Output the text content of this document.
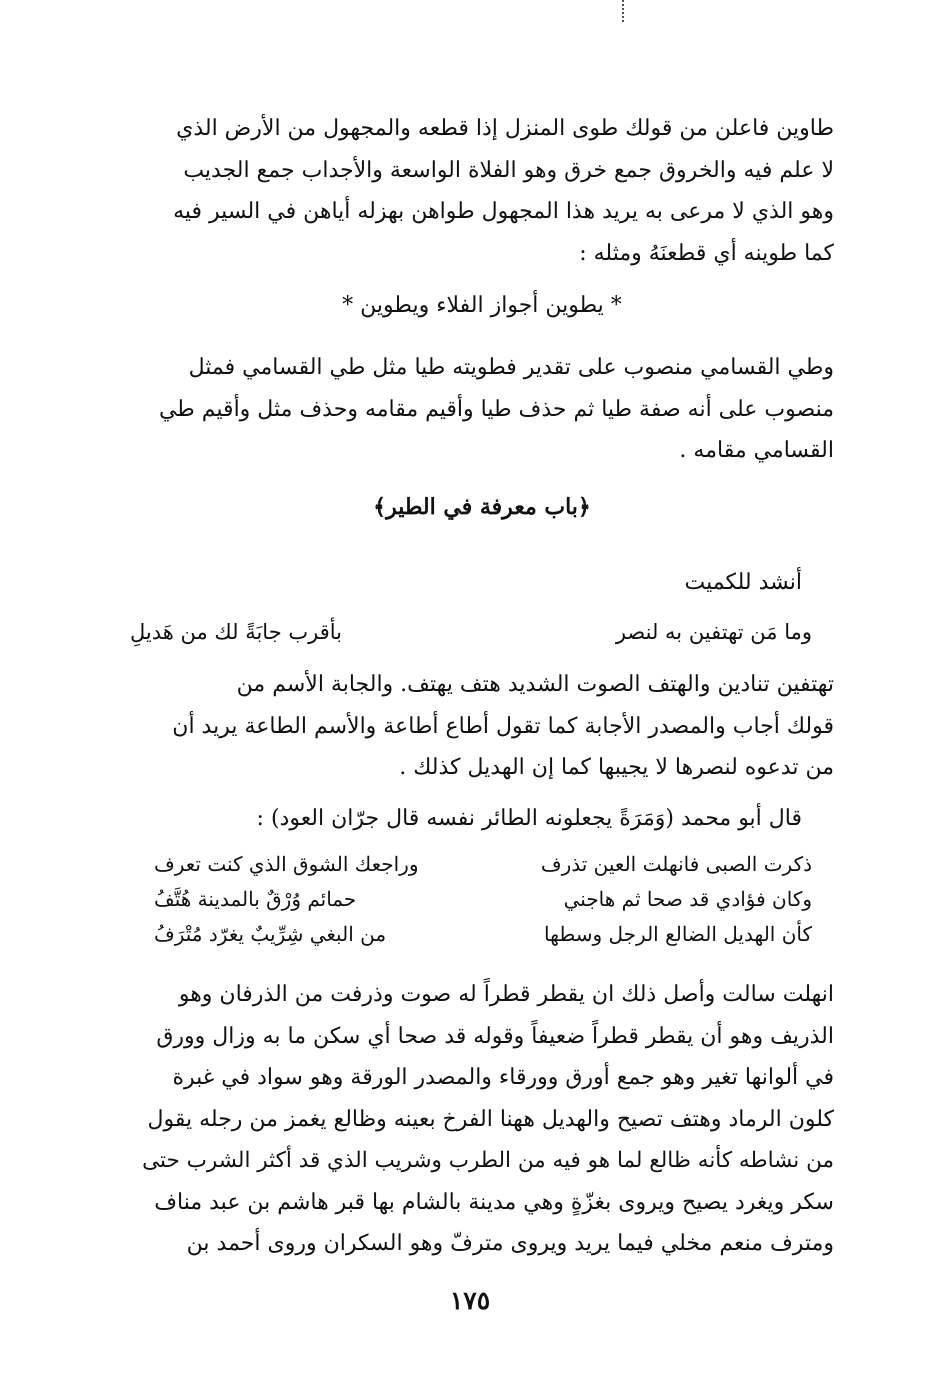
طاوين فاعلن من قولك طوى المنزل إذا قطعه والمجهول من الأرض الذي
لا علم فيه والخروق جمع خرق وهو الفلاة الواسعة والأجداب جمع الجديب
وهو الذي لا مرعى به يريد هذا المجهول طواهن بهزله أياهن في السير فيه
كما طوينه أي قطعنَهُ ومثله :
* يطوين أجواز الفلاء ويطوين *
وطي القسامي منصوب على تقدير فطويته طيا مثل طي القسامي فمثل
منصوب على أنه صفة طيا ثم حذف طيا وأقيم مقامه وحذف مثل وأقيم طي
القسامي مقامه .
﴿باب معرفة في الطير﴾
أنشد للكميت
وما مَن تهتفين به لنصر
بأقرب جابَةً لك من هَديلِ
تهتفين تنادين والهتف الصوت الشديد هتف يهتف. والجابة الأسم من
قولك أجاب والمصدر الأجابة كما تقول أطاع أطاعة والأسم الطاعة يريد أن
من تدعوه لنصرها لا يجيبها كما إن الهديل كذلك .
قال أبو محمد (وَمَرَةً يجعلونه الطائر نفسه قال جرّان العود) :
ذكرت الصبى فانهلت العين تذرف
وراجعك الشوق الذي كنت تعرف
وكان فؤادي قد صحا ثم هاجني
حمائم وُرْقٌ بالمدينة هُتَّفُ
كأن الهديل الضالع الرجل وسطها
من البغي شِرِّيبٌ يغرّد مُتْرَفُ
انهلت سالت وأصل ذلك ان يقطر قطراً له صوت وذرفت من الذرفان وهو
الذريف وهو أن يقطر قطراً ضعيفاً وقوله قد صحا أي سكن ما به وزال وورق
في ألوانها تغير وهو جمع أورق وورقاء والمصدر الورقة وهو سواد في غبرة
كلون الرماد وهتف تصيح والهديل ههنا الفرخ بعينه وظالع يغمز من رجله يقول
من نشاطه كأنه ظالع لما هو فيه من الطرب وشريب الذي قد أكثر الشرب حتى
سكر ويغرد يصيح ويروى بغزّةٍ وهي مدينة بالشام بها قبر هاشم بن عبد مناف
ومترف منعم مخلي فيما يريد ويروى مترفّ وهو السكران وروى أحمد بن
١٧٥
